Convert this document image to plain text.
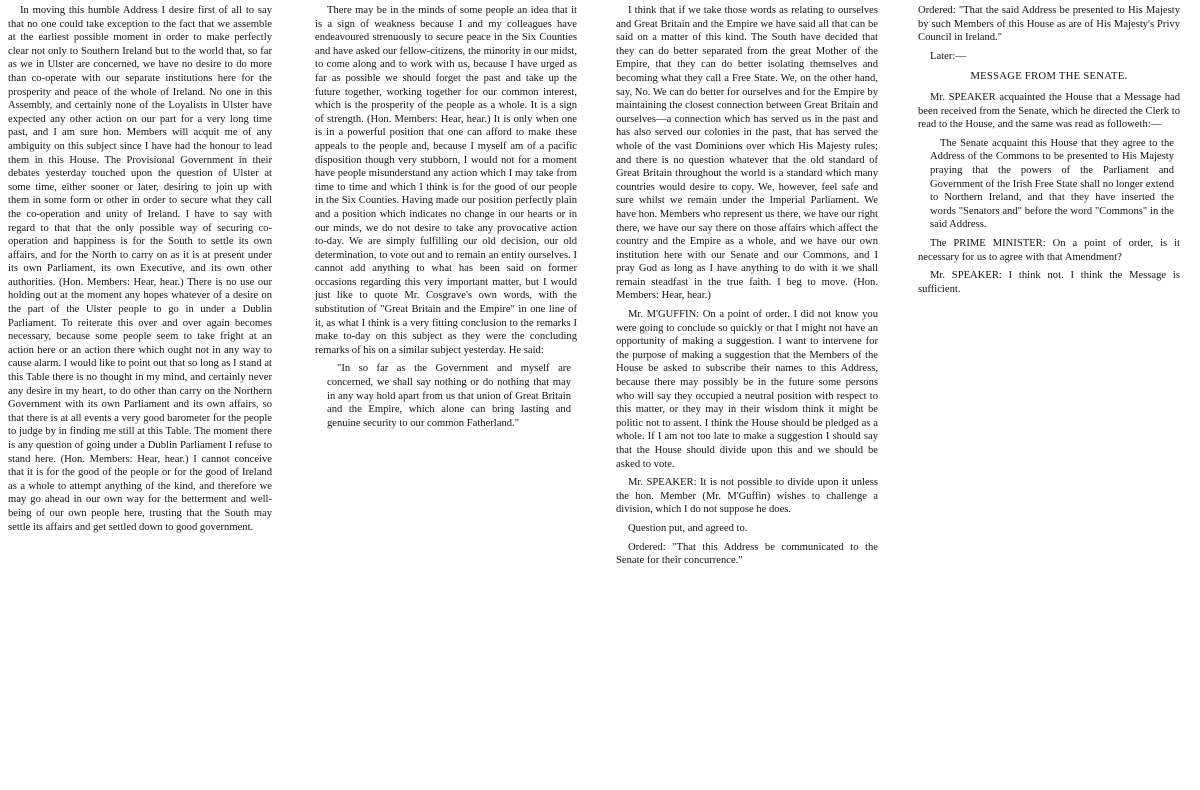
In moving this humble Address I desire first of all to say that no one could take exception to the fact that we assemble at the earliest possible moment in order to make perfectly clear not only to Southern Ireland but to the world that, so far as we in Ulster are concerned, we have no desire to do more than co-operate with our separate institutions here for the prosperity and peace of the whole of Ireland. No one in this Assembly, and certainly none of the Loyalists in Ulster have expected any other action on our part for a very long time past, and I am sure hon. Members will acquit me of any ambiguity on this subject since I have had the honour to lead them in this House. The Provisional Government in their debates yesterday touched upon the question of Ulster at some time, either sooner or later, desiring to join up with them in some form or other in order to secure what they call the co-operation and unity of Ireland. I have to say with regard to that that the only possible way of securing co-operation and happiness is for the South to settle its own affairs, and for the North to carry on as it is at present under its own Parliament, its own Executive, and its own other authorities. (Hon. Members: Hear, hear.) There is no use our holding out at the moment any hopes whatever of a desire on the part of the Ulster people to go in under a Dublin Parliament. To reiterate this over and over again becomes necessary, because some people seem to take fright at an action here or an action there which ought not in any way to cause alarm. I would like to point out that so long as I stand at this Table there is no thought in my mind, and certainly never any desire in my heart, to do other than carry on the Northern Government with its own Parliament and its own affairs, so that there is at all events a very good barometer for the people to judge by in finding me still at this Table. The moment there is any question of going under a Dublin Parliament I refuse to stand here. (Hon. Members: Hear, hear.) I cannot conceive that it is for the good of the people or for the good of Ireland as a whole to attempt anything of the kind, and therefore we may go ahead in our own way for the betterment and well-being of our own people here, trusting that the South may settle its affairs and get settled down to good government.

There may be in the minds of some people an idea that it is a sign of weakness because I and my colleagues have endeavoured strenuously to secure peace in the Six Counties and have asked our fellow-citizens, the minority in our midst, to come along and to work with us, because I have urged as far as possible we should forget the past and take up the future together, working together for our common interest, which is the prosperity of the people as a whole. It is a sign of strength. (Hon. Members: Hear, hear.) It is only when one is in a powerful position that one can afford to make these appeals to the people and, because I myself am of a pacific disposition though very stubborn, I would not for a moment have people misunderstand any action which I may take from time to time and which I think is for the good of our people in the Six Counties. Having made our position perfectly plain and a position which indicates no change in our hearts or in our minds, we do not desire to take any provocative action to-day. We are simply fulfilling our old decision, our old determination, to vote out and to remain an entity ourselves. I cannot add anything to what has been said on former occasions regarding this very important matter, but I would just like to quote Mr. Cosgrave's own words, with the substitution of "Great Britain and the Empire" in one line of it, as what I think is a very fitting conclusion to the remarks I make to-day on this subject as they were the concluding remarks of his on a similar subject yesterday. He said:

"In so far as the Government and myself are concerned, we shall say nothing or do nothing that may in any way hold apart from us that union of Great Britain and the Empire, which alone can bring lasting and genuine security to our common Fatherland."

I think that if we take those words as relating to ourselves and Great Britain and the Empire we have said all that can be said on a matter of this kind. The South have decided that they can do better separated from the great Mother of the Empire, that they can do better isolating themselves and becoming what they call a Free State. We, on the other hand, say, No. We can do better for ourselves and for the Empire by maintaining the closest connection between Great Britain and ourselves—a connection which has served us in the past and has also served our colonies in the past, that has served the whole of the vast Dominions over which His Majesty rules; and there is no question whatever that the old standard of Great Britain throughout the world is a standard which many countries would desire to copy. We, however, feel safe and sure whilst we remain under the Imperial Parliament. We have hon. Members who represent us there, we have our right there, we have our say there on those affairs which affect the country and the Empire as a whole, and we have our own institution here with our Senate and our Commons, and I pray God as long as I have anything to do with it we shall remain steadfast in the true faith. I beg to move. (Hon. Members: Hear, hear.)

Mr. M'GUFFIN: On a point of order. I did not know you were going to conclude so quickly or that I might not have an opportunity of making a suggestion. I want to intervene for the purpose of making a suggestion that the Members of the House be asked to subscribe their names to this Address, because there may possibly be in the future some persons who will say they occupied a neutral position with respect to this matter, or they may in their wisdom think it might be politic not to assent. I think the House should be pledged as a whole. If I am not too late to make a suggestion I should say that the House should divide upon this and we should be asked to vote.

Mr. SPEAKER: It is not possible to divide upon it unless the hon. Member (Mr. M'Guffin) wishes to challenge a division, which I do not suppose he does.

Question put, and agreed to.

Ordered: "That this Address be communicated to the Senate for their concurrence."

Ordered: "That the said Address be presented to His Majesty by such Members of this House as are of His Majesty's Privy Council in Ireland."

Later:—

MESSAGE FROM THE SENATE.

Mr. SPEAKER acquainted the House that a Message had been received from the Senate, which he directed the Clerk to read to the House, and the same was read as followeth:—

The Senate acquaint this House that they agree to the Address of the Commons to be presented to His Majesty praying that the powers of the Parliament and Government of the Irish Free State shall no longer extend to Northern Ireland, and that they have inserted the words "Senators and" before the word "Commons" in the said Address.

The PRIME MINISTER: On a point of order, is it necessary for us to agree with that Amendment?

Mr. SPEAKER: I think not. I think the Message is sufficient.
